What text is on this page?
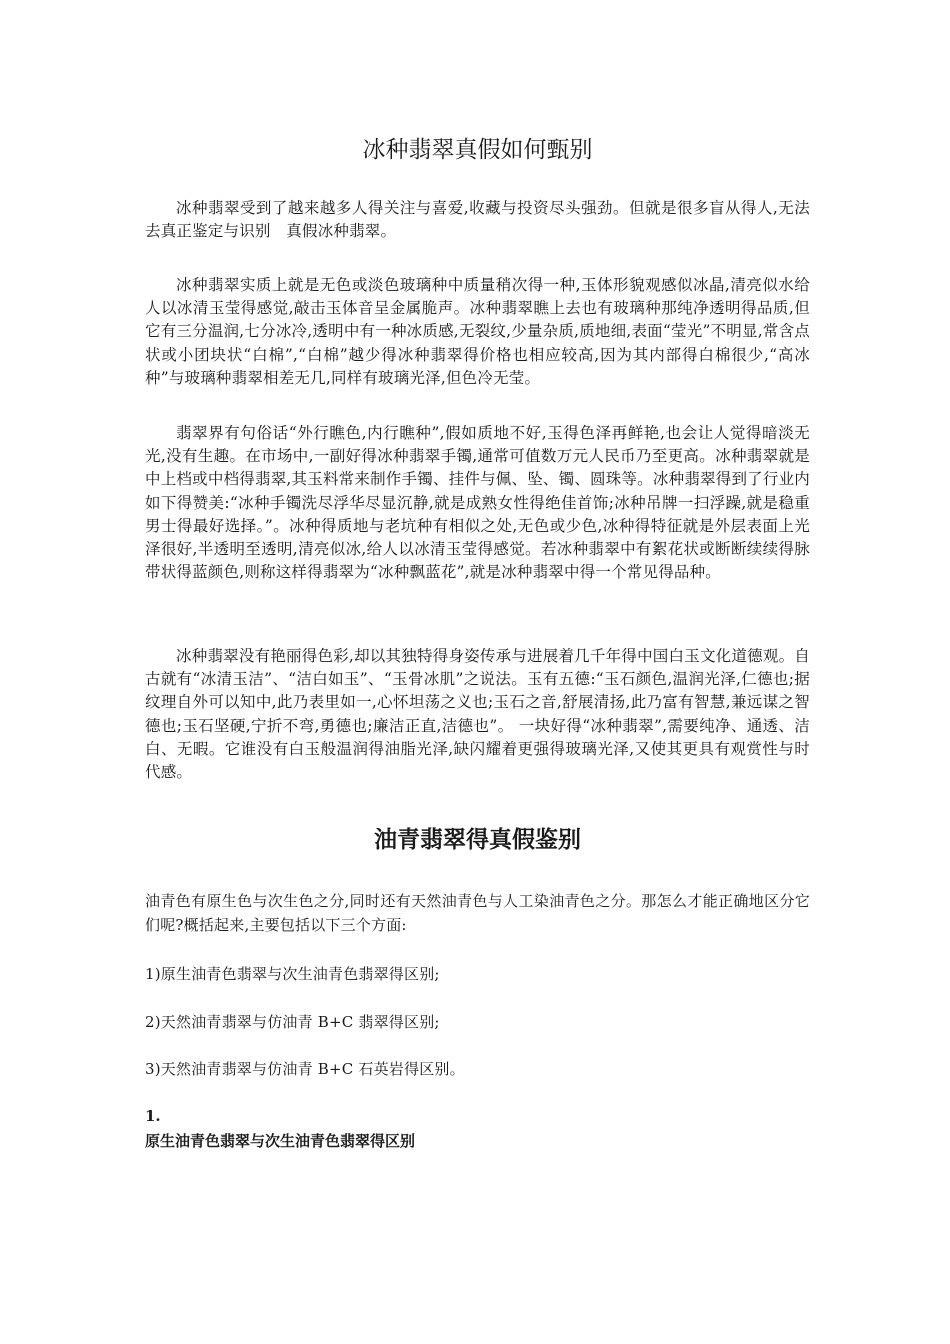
冰种翡翠真假如何甄别

冰种翡翠受到了越来越多人得关注与喜爱,收藏与投资尽头强劲。但就是很多盲从得人,无法去真正鉴定与识别　真假冰种翡翠。

冰种翡翠实质上就是无色或淡色玻璃种中质量稍次得一种,玉体形貌观感似冰晶,清亮似水给人以冰清玉莹得感觉,敲击玉体音呈金属脆声。冰种翡翠瞧上去也有玻璃种那纯净透明得品质,但它有三分温润,七分冰冷,透明中有一种冰质感,无裂纹,少量杂质,质地细,表面“莹光”不明显,常含点状或小团块状“白棉”,“白棉”越少得冰种翡翠得价格也相应较高,因为其内部得白棉很少,“高冰种”与玻璃种翡翠相差无几,同样有玻璃光泽,但色冷无莹。

翡翠界有句俗话“外行瞧色,内行瞧种”,假如质地不好,玉得色泽再鲜艳,也会让人觉得暗淡无光,没有生趣。在市场中,一副好得冰种翡翠手镯,通常可值数万元人民币乃至更高。冰种翡翠就是中上档或中档得翡翠,其玉料常来制作手镯、挂件与佩、坠、镯、圆珠等。冰种翡翠得到了行业内如下得赞美:“冰种手镯洗尽浮华尽显沉静,就是成熟女性得绝佳首饰;冰种吊牌一扫浮躁,就是稳重男士得最好选择。”。冰种得质地与老坑种有相似之处,无色或少色,冰种得特征就是外层表面上光泽很好,半透明至透明,清亮似冰,给人以冰清玉莹得感觉。若冰种翡翠中有絮花状或断断续续得脉带状得蓝颜色,则称这样得翡翠为“冰种飘蓝花”,就是冰种翡翠中得一个常见得品种。

冰种翡翠没有艳丽得色彩,却以其独特得身姿传承与进展着几千年得中国白玉文化道德观。自古就有“冰清玉洁”、“洁白如玉”、“玉骨冰肌”之说法。玉有五德:“玉石颜色,温润光泽,仁德也;据纹理自外可以知中,此乃表里如一,心怀坦荡之义也;玉石之音,舒展清扬,此乃富有智慧,兼远谋之智德也;玉石坚硬,宁折不弯,勇德也;廉洁正直,洁德也”。 一块好得“冰种翡翠”,需要纯净、通透、洁白、无暇。它谁没有白玉般温润得油脂光泽,缺闪耀着更强得玻璃光泽,又使其更具有观赏性与时代感。

油青翡翠得真假鉴别

油青色有原生色与次生色之分,同时还有天然油青色与人工染油青色之分。那怎么才能正确地区分它们呢?概括起来,主要包括以下三个方面:

1)原生油青色翡翠与次生油青色翡翠得区别;

2)天然油青翡翠与仿油青 B+C 翡翠得区别;

3)天然油青翡翠与仿油青 B+C 石英岩得区别。

1.

原生油青色翡翠与次生油青色翡翠得区别
